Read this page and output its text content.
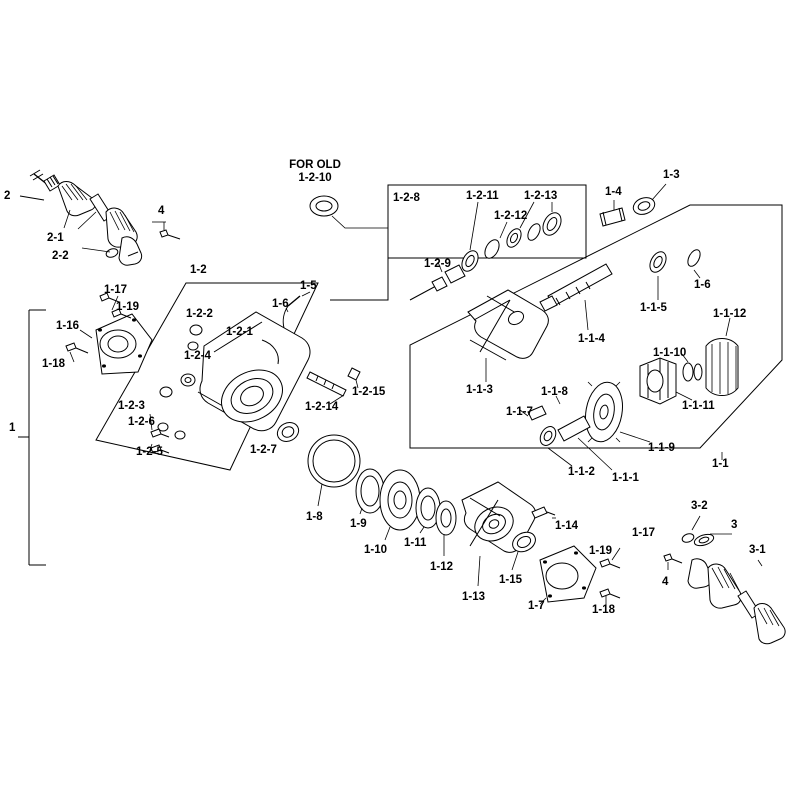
FOR OLD
1-2-10
2
2-1
2-2
4
1-3
1-4
1-2-8	1-2-11 1-2-13
1-2-12
1-2-9
1-2
1-5
1-6
1-17
1-19
1-16
1-18
1-2-2
1-2-1
1-2-4
1-2-3
1-2-6
1-2-5	1-2-7
1-2-14
1-2-15
1
1-1-3
1-1-4
1-1-5
1-6
1-1-12
1-1-10
1-1-11
1-1-8
1-1-7
1-1-9
1-1-2 1-1-1
1-1
1-8
1-9
1-10
1-11
1-12
1-13
1-15
1-7
1-14
1-17
1-19
1-18
4
3-2
3
3-1
